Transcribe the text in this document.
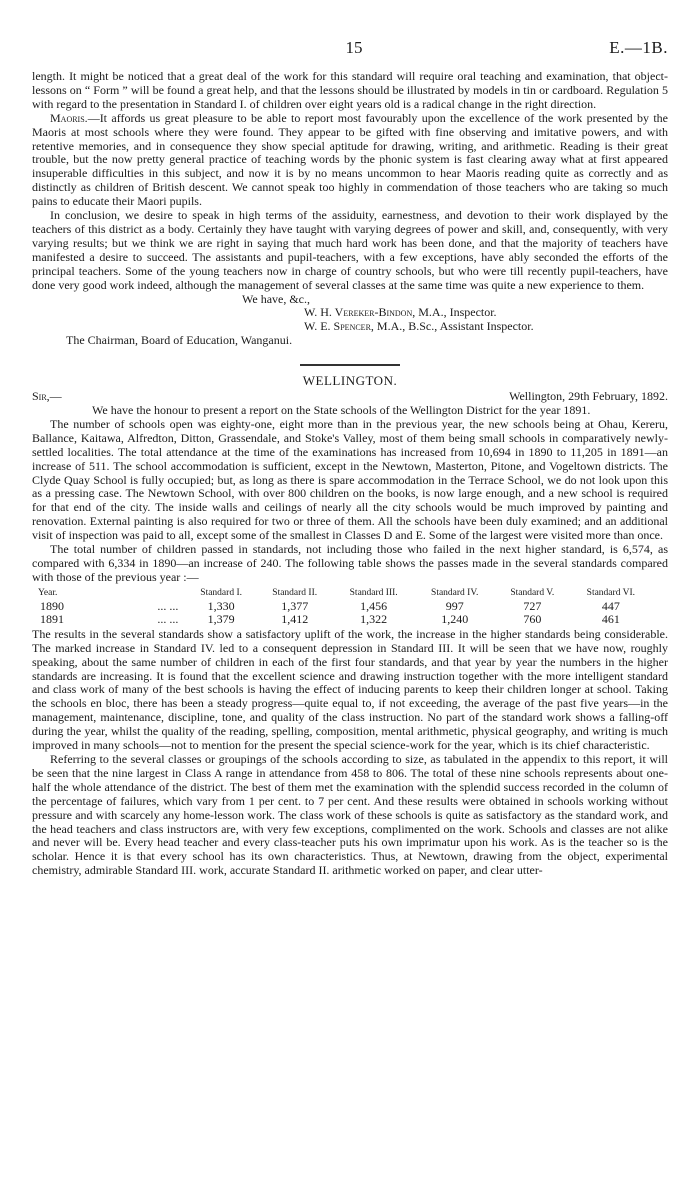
15	E.—1B.

length. It might be noticed that a great deal of the work for this standard will require oral teaching and examination, that object-lessons on “ Form ” will be found a great help, and that the lessons should be illustrated by models in tin or cardboard. Regulation 5 with regard to the presentation in Standard I. of children over eight years old is a radical change in the right direction.

Maoris.—It affords us great pleasure to be able to report most favourably upon the excellence of the work presented by the Maoris at most schools where they were found. They appear to be gifted with fine observing and imitative powers, and with retentive memories, and in consequence they show special aptitude for drawing, writing, and arithmetic. Reading is their great trouble, but the now pretty general practice of teaching words by the phonic system is fast clearing away what at first appeared insuperable difficulties in this subject, and now it is by no means uncommon to hear Maoris reading quite as correctly and as distinctly as children of British descent. We cannot speak too highly in commendation of those teachers who are taking so much pains to educate their Maori pupils.

In conclusion, we desire to speak in high terms of the assiduity, earnestness, and devotion to their work displayed by the teachers of this district as a body. Certainly they have taught with varying degrees of power and skill, and, consequently, with very varying results; but we think we are right in saying that much hard work has been done, and that the majority of teachers have manifested a desire to succeed. The assistants and pupil-teachers, with a few exceptions, have ably seconded the efforts of the principal teachers. Some of the young teachers now in charge of country schools, but who were till recently pupil-teachers, have done very good work indeed, although the management of several classes at the same time was quite a new experience to them.

We have, &c.,

W. H. Vereker-Bindon, M.A., Inspector.

W. E. Spencer, M.A., B.Sc., Assistant Inspector.

The Chairman, Board of Education, Wanganui.

WELLINGTON.
Sir,—	Wellington, 29th February, 1892.

We have the honour to present a report on the State schools of the Wellington District for the year 1891.

The number of schools open was eighty-one, eight more than in the previous year, the new schools being at Ohau, Kereru, Ballance, Kaitawa, Alfredton, Ditton, Grassendale, and Stoke's Valley, most of them being small schools in comparatively newly-settled localities. The total attendance at the time of the examinations has increased from 10,694 in 1890 to 11,205 in 1891—an increase of 511. The school accommodation is sufficient, except in the Newtown, Masterton, Pitone, and Vogeltown districts. The Clyde Quay School is fully occupied; but, as long as there is spare accommodation in the Terrace School, we do not look upon this as a pressing case. The Newtown School, with over 800 children on the books, is now large enough, and a new school is required for that end of the city. The inside walls and ceilings of nearly all the city schools would be much improved by painting and renovation. External painting is also required for two or three of them. All the schools have been duly examined; and an additional visit of inspection was paid to all, except some of the smallest in Classes D and E. Some of the largest were visited more than once.

The total number of children passed in standards, not including those who failed in the next higher standard, is 6,574, as compared with 6,334 in 1890—an increase of 240. The following table shows the passes made in the several standards compared with those of the previous year :—

Year.		Standard I.	Standard II.	Standard III.	Standard IV.	Standard V.	Standard VI.
1890	... ...	1,330	1,377	1,456	997	727	447
1891	... ...	1,379	1,412	1,322	1,240	760	461

The results in the several standards show a satisfactory uplift of the work, the increase in the higher standards being considerable. The marked increase in Standard IV. led to a consequent depression in Standard III. It will be seen that we have now, roughly speaking, about the same number of children in each of the first four standards, and that year by year the numbers in the higher standards are increasing. It is found that the excellent science and drawing instruction together with the more intelligent standard and class work of many of the best schools is having the effect of inducing parents to keep their children longer at school. Taking the schools en bloc, there has been a steady progress—quite equal to, if not exceeding, the average of the past five years—in the management, maintenance, discipline, tone, and quality of the class instruction. No part of the standard work shows a falling-off during the year, whilst the quality of the reading, spelling, composition, mental arithmetic, physical geography, and writing is much improved in many schools—not to mention for the present the special science-work for the year, which is its chief characteristic.

Referring to the several classes or groupings of the schools according to size, as tabulated in the appendix to this report, it will be seen that the nine largest in Class A range in attendance from 458 to 806. The total of these nine schools represents about one-half the whole attendance of the district. The best of them met the examination with the splendid success recorded in the column of the percentage of failures, which vary from 1 per cent. to 7 per cent. And these results were obtained in schools working without pressure and with scarcely any home-lesson work. The class work of these schools is quite as satisfactory as the standard work, and the head teachers and class instructors are, with very few exceptions, complimented on the work. Schools and classes are not alike and never will be. Every head teacher and every class-teacher puts his own imprimatur upon his work. As is the teacher so is the scholar. Hence it is that every school has its own characteristics. Thus, at Newtown, drawing from the object, experimental chemistry, admirable Standard III. work, accurate Standard II. arithmetic worked on paper, and clear utter-
